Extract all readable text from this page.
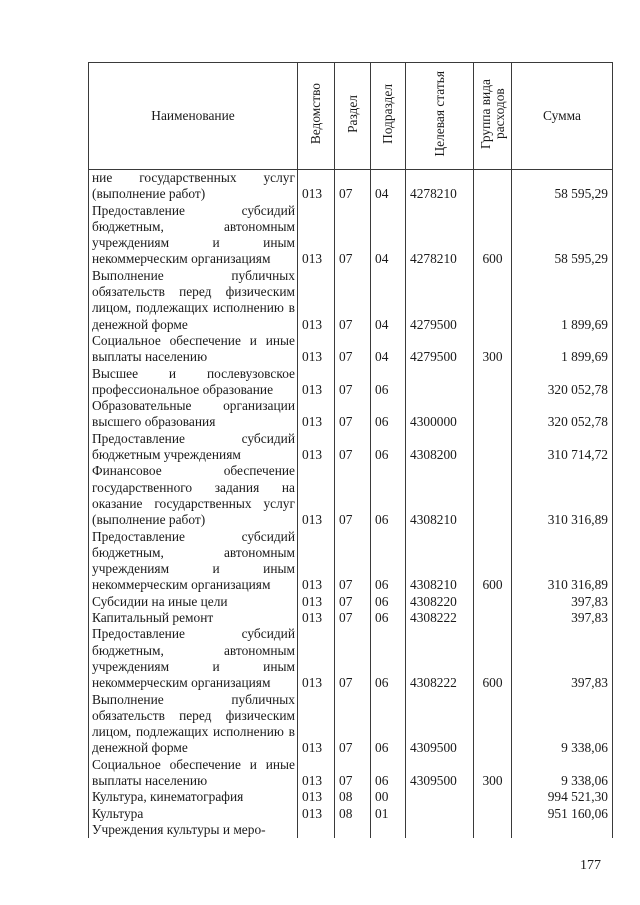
Наименование	Ведомство	Раздел	Подраздел	Целевая статья	Группа вида расходов	Сумма
ние государственных услуг (выполнение работ)	013	07	04	4278210		58 595,29
Предоставление субсидий бюджетным, автономным учреждениям и иным некоммерческим организациям	013	07	04	4278210	600	58 595,29
Выполнение публичных обязательств перед физическим лицом, подлежащих исполнению в денежной форме	013	07	04	4279500		1 899,69
Социальное обеспечение и иные выплаты населению	013	07	04	4279500	300	1 899,69
Высшее и послевузовское профессиональное образование	013	07	06			320 052,78
Образовательные организации высшего образования	013	07	06	4300000		320 052,78
Предоставление субсидий бюджетным учреждениям	013	07	06	4308200		310 714,72
Финансовое обеспечение государственного задания на оказание государственных услуг (выполнение работ)	013	07	06	4308210		310 316,89
Предоставление субсидий бюджетным, автономным учреждениям и иным некоммерческим организациям	013	07	06	4308210	600	310 316,89
Субсидии на иные цели	013	07	06	4308220		397,83
Капитальный ремонт	013	07	06	4308222		397,83
Предоставление субсидий бюджетным, автономным учреждениям и иным некоммерческим организациям	013	07	06	4308222	600	397,83
Выполнение публичных обязательств перед физическим лицом, подлежащих исполнению в денежной форме	013	07	06	4309500		9 338,06
Социальное обеспечение и иные выплаты населению	013	07	06	4309500	300	9 338,06
Культура, кинематография	013	08	00			994 521,30
Культура	013	08	01			951 160,06
Учреждения культуры и меро-						
177
